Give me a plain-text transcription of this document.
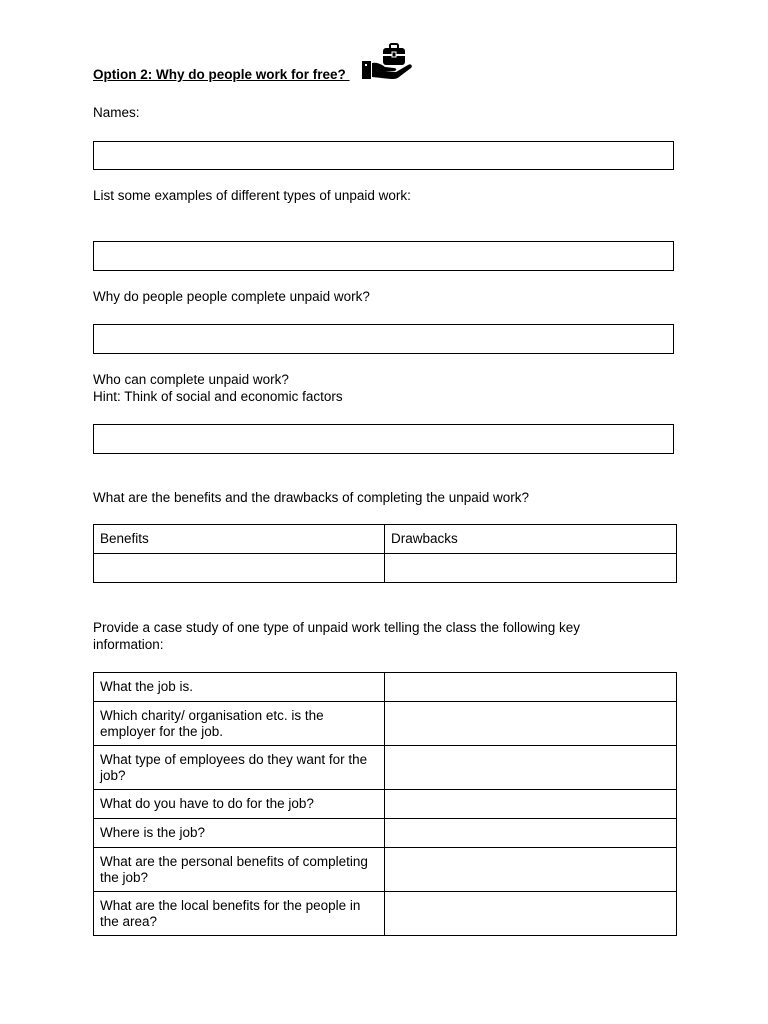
Option 2: Why do people work for free?
Names:
List some examples of different types of unpaid work:
Why do people people complete unpaid work?
Who can complete unpaid work?
Hint: Think of social and economic factors
What are the benefits and the drawbacks of completing the unpaid work?
Benefits	Drawbacks

Provide a case study of one type of unpaid work telling the class the following key information:
What the job is.	
Which charity/ organisation etc. is the employer for the job.	
What type of employees do they want for the job?	
What do you have to do for the job?	
Where is the job?	
What are the personal benefits of completing the job?	
What are the local benefits for the people in the area?	
